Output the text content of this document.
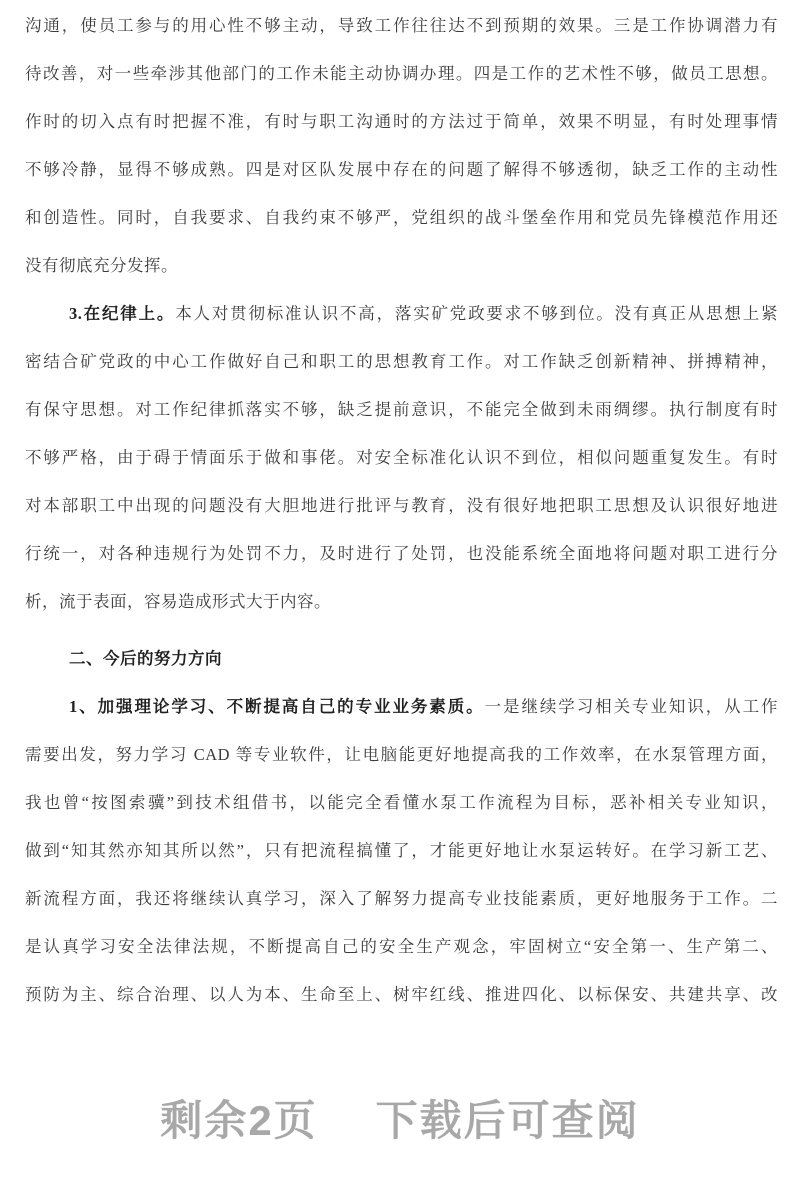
沟通，使员工参与的用心性不够主动，导致工作往往达不到预期的效果。三是工作协调潜力有
待改善，对一些牵涉其他部门的工作未能主动协调办理。四是工作的艺术性不够，做员工思想。
作时的切入点有时把握不准，有时与职工沟通时的方法过于简单，效果不明显，有时处理事情
不够冷静，显得不够成熟。四是对区队发展中存在的问题了解得不够透彻，缺乏工作的主动性
和创造性。同时，自我要求、自我约束不够严，党组织的战斗堡垒作用和党员先锋模范作用还
没有彻底充分发挥。
3.在纪律上。本人对贯彻标准认识不高，落实矿党政要求不够到位。没有真正从思想上紧
密结合矿党政的中心工作做好自己和职工的思想教育工作。对工作缺乏创新精神、拼搏精神，
有保守思想。对工作纪律抓落实不够，缺乏提前意识，不能完全做到未雨绸缪。执行制度有时
不够严格，由于碍于情面乐于做和事佬。对安全标准化认识不到位，相似问题重复发生。有时
对本部职工中出现的问题没有大胆地进行批评与教育，没有很好地把职工思想及认识很好地进
行统一，对各种违规行为处罚不力，及时进行了处罚，也没能系统全面地将问题对职工进行分
析，流于表面，容易造成形式大于内容。
二、今后的努力方向
1、加强理论学习、不断提高自己的专业业务素质。一是继续学习相关专业知识，从工作
需要出发，努力学习 CAD 等专业软件，让电脑能更好地提高我的工作效率，在水泵管理方面，
我也曾“按图索骥”到技术组借书，以能完全看懂水泵工作流程为目标，恶补相关专业知识，
做到“知其然亦知其所以然”，只有把流程搞懂了，才能更好地让水泵运转好。在学习新工艺、
新流程方面，我还将继续认真学习，深入了解努力提高专业技能素质，更好地服务于工作。二
是认真学习安全法律法规，不断提高自己的安全生产观念，牢固树立“安全第一、生产第二、
预防为主、综合治理、以人为本、生命至上、树牢红线、推进四化、以标保安、共建共享、改
剩余2页 下载后可查阅
